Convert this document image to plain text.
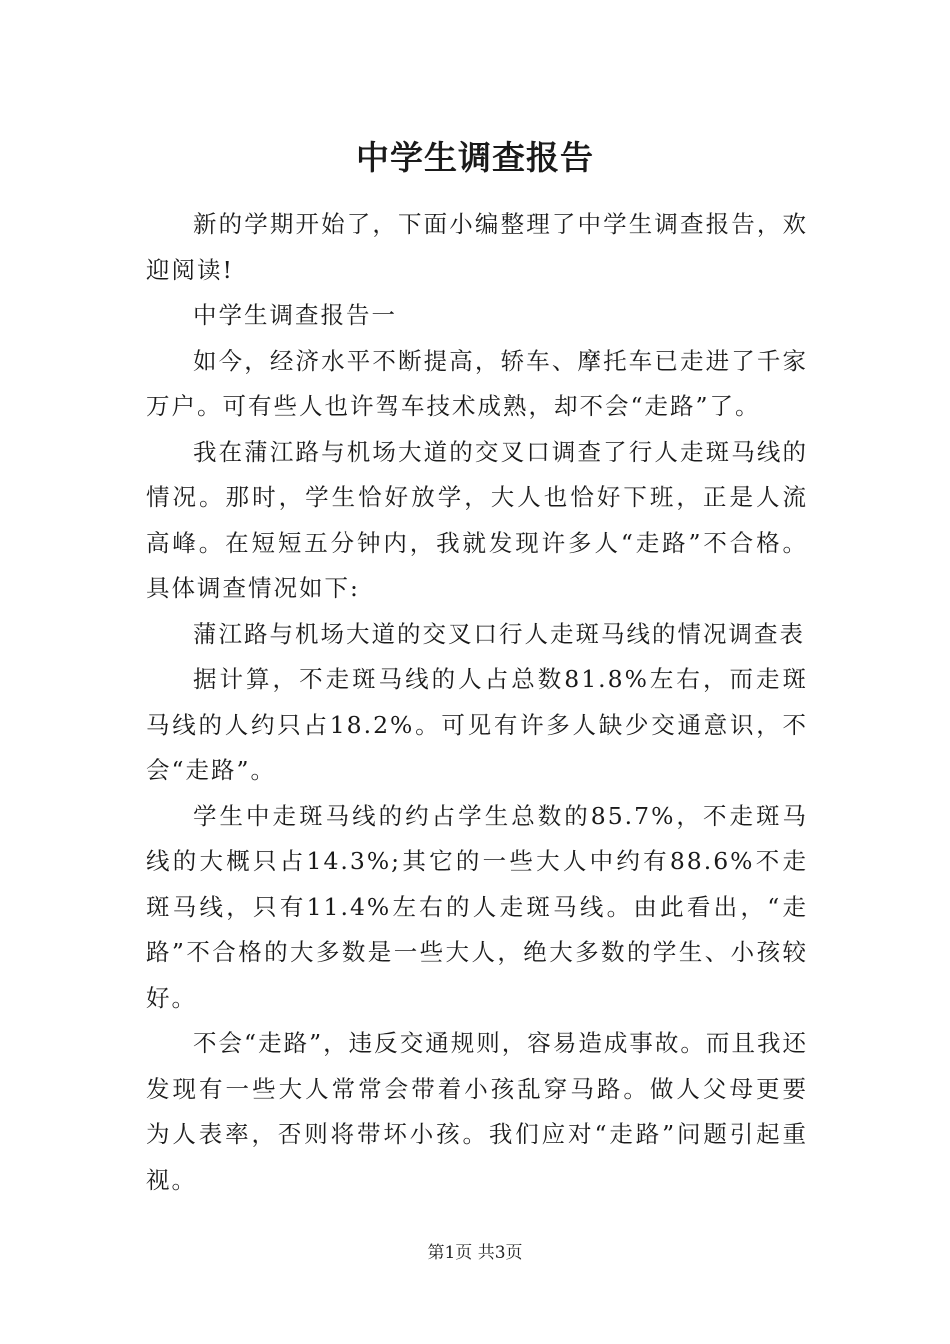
中学生调查报告

新的学期开始了，下面小编整理了中学生调查报告，欢迎阅读!

中学生调查报告一

如今，经济水平不断提高，轿车、摩托车已走进了千家万户。可有些人也许驾车技术成熟，却不会“走路”了。

我在蒲江路与机场大道的交叉口调查了行人走斑马线的情况。那时，学生恰好放学，大人也恰好下班，正是人流高峰。在短短五分钟内，我就发现许多人“走路”不合格。具体调查情况如下:

蒲江路与机场大道的交叉口行人走斑马线的情况调查表

据计算，不走斑马线的人占总数81.8%左右，而走斑马线的人约只占18.2%。可见有许多人缺少交通意识，不会“走路”。

学生中走斑马线的约占学生总数的85.7%，不走斑马线的大概只占14.3%;其它的一些大人中约有88.6%不走斑马线，只有11.4%左右的人走斑马线。由此看出，“走路”不合格的大多数是一些大人，绝大多数的学生、小孩较好。

不会“走路”，违反交通规则，容易造成事故。而且我还发现有一些大人常常会带着小孩乱穿马路。做人父母更要为人表率，否则将带坏小孩。我们应对“走路”问题引起重视。

第1页 共3页
